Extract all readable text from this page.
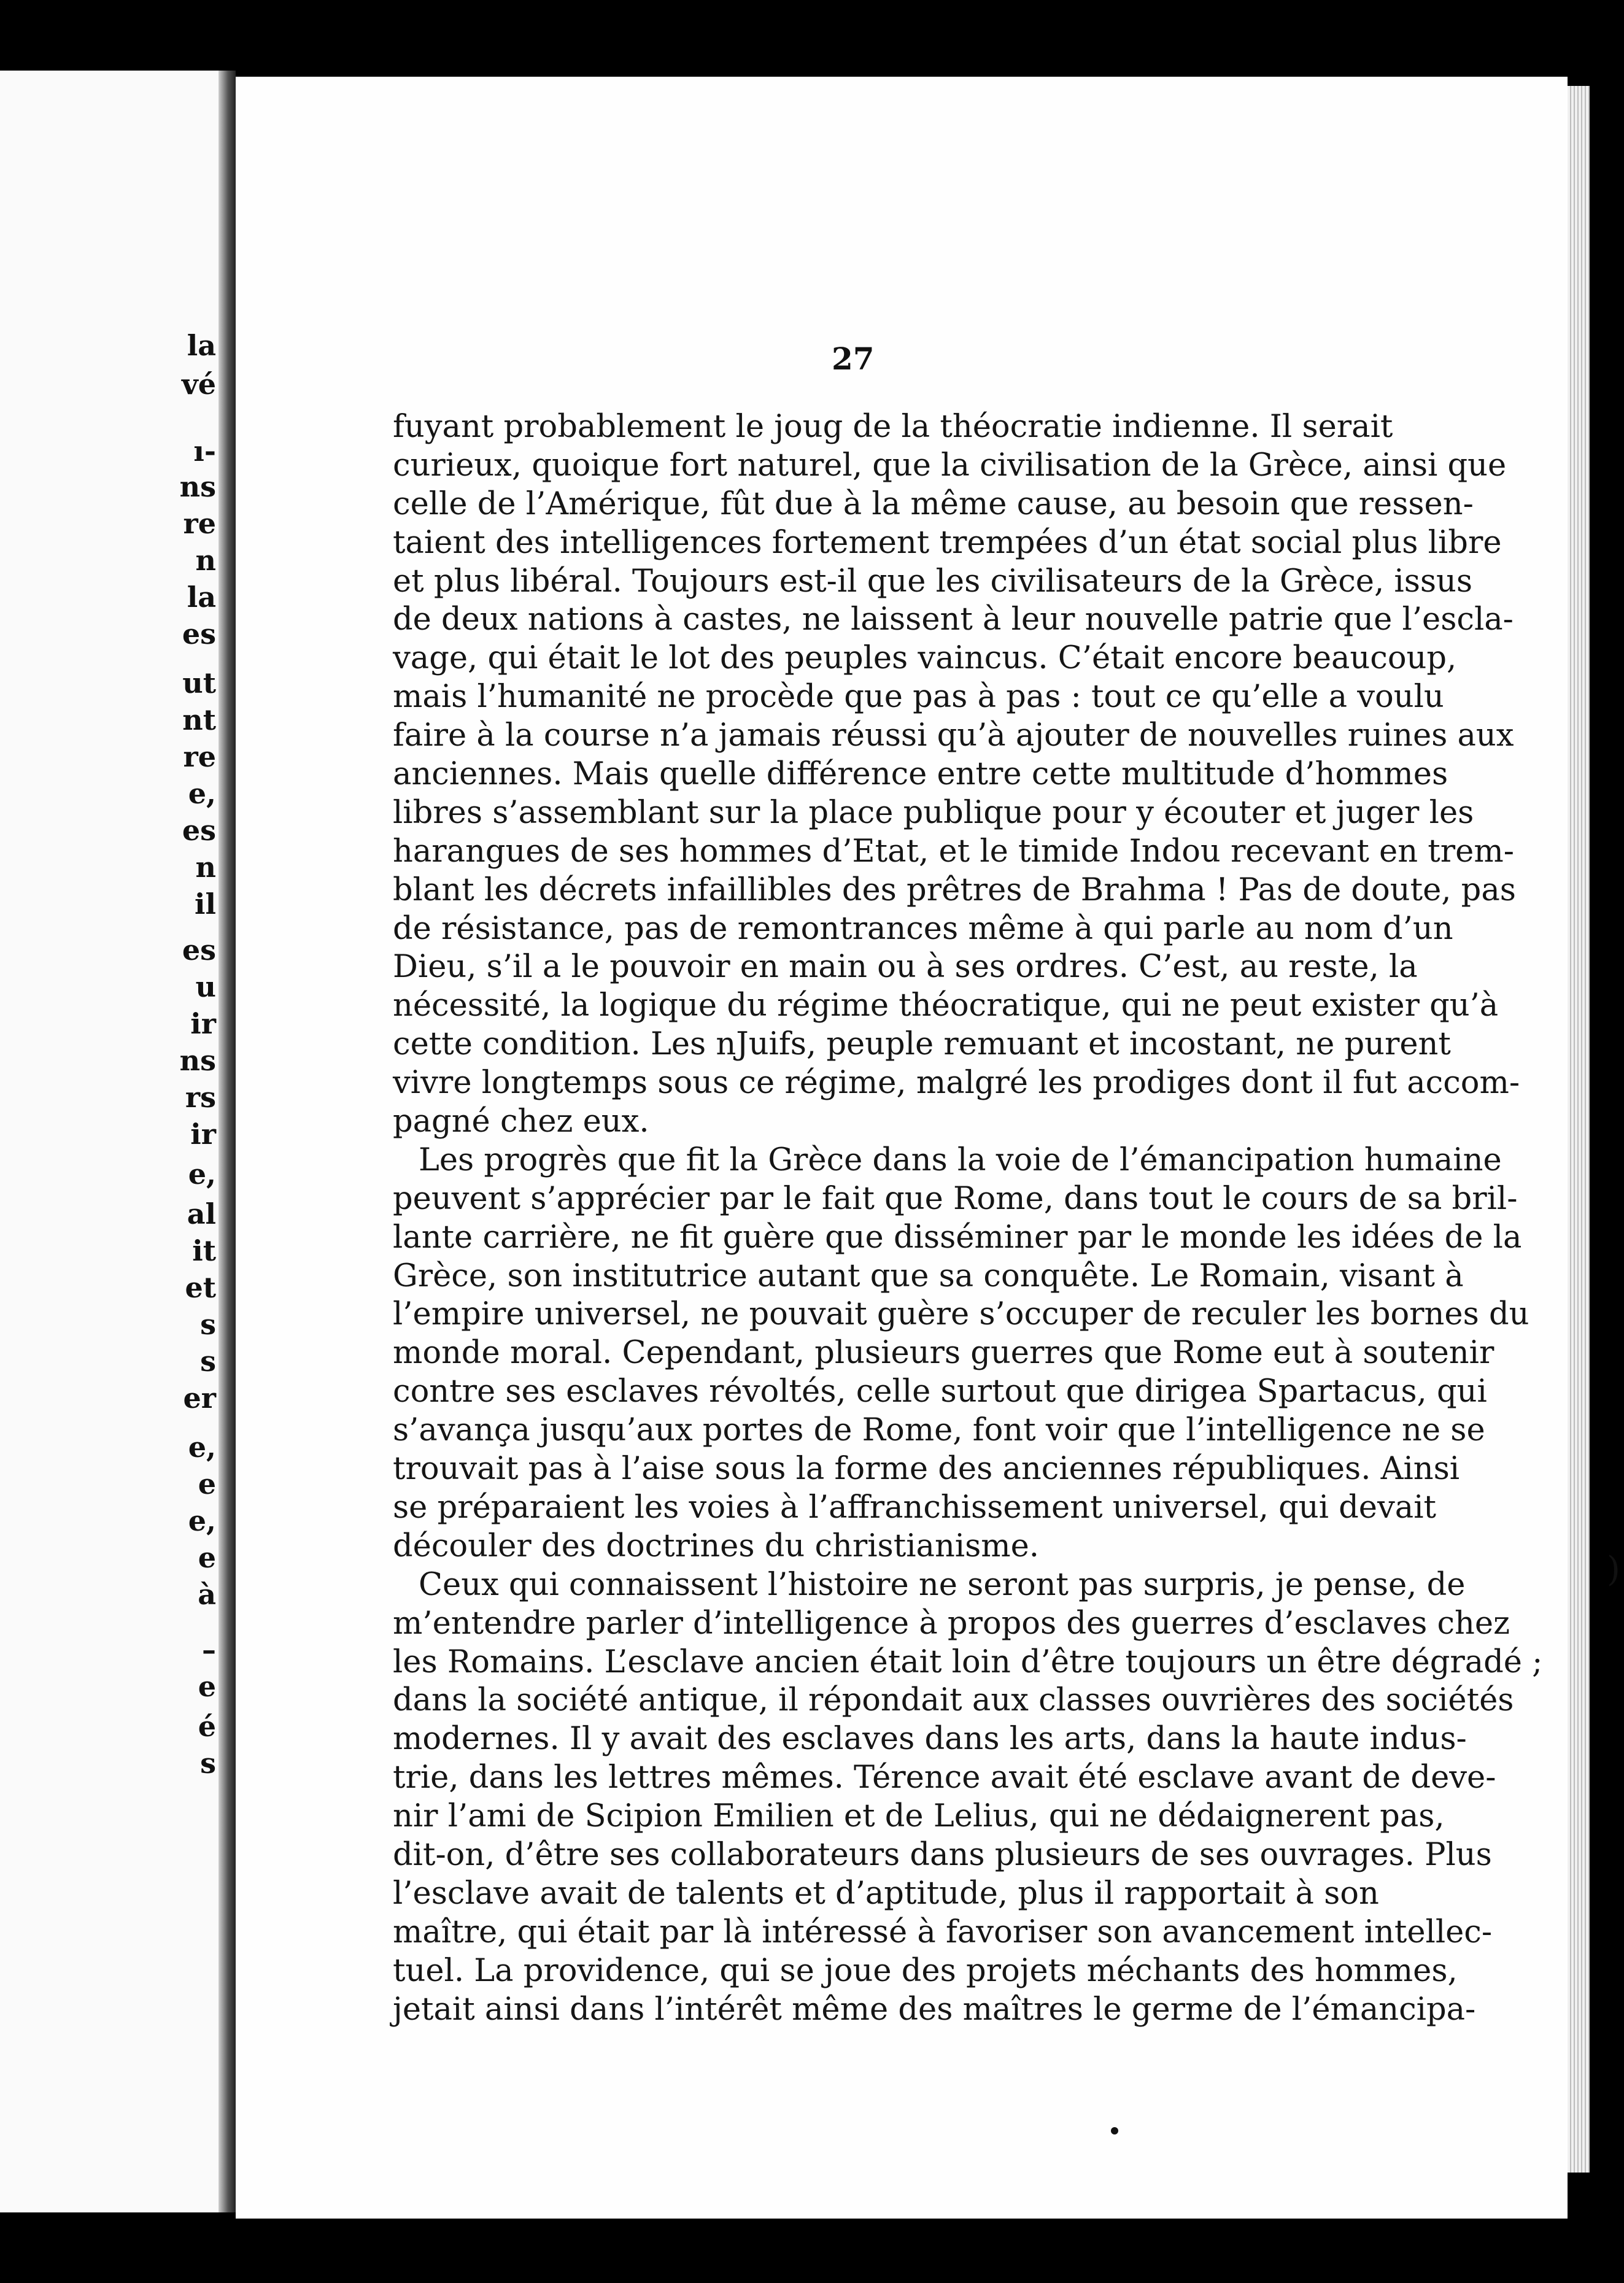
la
vé
ı-
ns
re
n
la
es
ut
nt
re
e,
es
n
il
es
u
ir
ns
rs
ir
e,
al
it
et
s
s
er
e,
e
e,
e
à
–
e
é
s
27
fuyant probablement le joug de la théocratie indienne. Il serait
curieux, quoique fort naturel, que la civilisation de la Grèce, ainsi que
celle de l’Amérique, fût due à la même cause, au besoin que ressen-
taient des intelligences fortement trempées d’un état social plus libre
et plus libéral. Toujours est-il que les civilisateurs de la Grèce, issus
de deux nations à castes, ne laissent à leur nouvelle patrie que l’escla-
vage, qui était le lot des peuples vaincus. C’était encore beaucoup,
mais l’humanité ne procède que pas à pas : tout ce qu’elle a voulu
faire à la course n’a jamais réussi qu’à ajouter de nouvelles ruines aux
anciennes. Mais quelle différence entre cette multitude d’hommes
libres s’assemblant sur la place publique pour y écouter et juger les
harangues de ses hommes d’Etat, et le timide Indou recevant en trem-
blant les décrets infaillibles des prêtres de Brahma ! Pas de doute, pas
de résistance, pas de remontrances même à qui parle au nom d’un
Dieu, s’il a le pouvoir en main ou à ses ordres. C’est, au reste, la
nécessité, la logique du régime théocratique, qui ne peut exister qu’à
cette condition. Les nJuifs, peuple remuant et incostant, ne purent
vivre longtemps sous ce régime, malgré les prodiges dont il fut accom-
pagné chez eux.
Les progrès que fit la Grèce dans la voie de l’émancipation humaine
peuvent s’apprécier par le fait que Rome, dans tout le cours de sa bril-
lante carrière, ne fit guère que disséminer par le monde les idées de la
Grèce, son institutrice autant que sa conquête. Le Romain, visant à
l’empire universel, ne pouvait guère s’occuper de reculer les bornes du
monde moral. Cependant, plusieurs guerres que Rome eut à soutenir
contre ses esclaves révoltés, celle surtout que dirigea Spartacus, qui
s’avança jusqu’aux portes de Rome, font voir que l’intelligence ne se
trouvait pas à l’aise sous la forme des anciennes républiques. Ainsi
se préparaient les voies à l’affranchissement universel, qui devait
découler des doctrines du christianisme.
Ceux qui connaissent l’histoire ne seront pas surpris, je pense, de
m’entendre parler d’intelligence à propos des guerres d’esclaves chez
les Romains. L’esclave ancien était loin d’être toujours un être dégradé ;
dans la société antique, il répondait aux classes ouvrières des sociétés
modernes. Il y avait des esclaves dans les arts, dans la haute indus-
trie, dans les lettres mêmes. Térence avait été esclave avant de deve-
nir l’ami de Scipion Emilien et de Lelius, qui ne dédaignerent pas,
dit-on, d’être ses collaborateurs dans plusieurs de ses ouvrages. Plus
l’esclave avait de talents et d’aptitude, plus il rapportait à son
maître, qui était par là intéressé à favoriser son avancement intellec-
tuel. La providence, qui se joue des projets méchants des hommes,
jetait ainsi dans l’intérêt même des maîtres le germe de l’émancipa-
)
